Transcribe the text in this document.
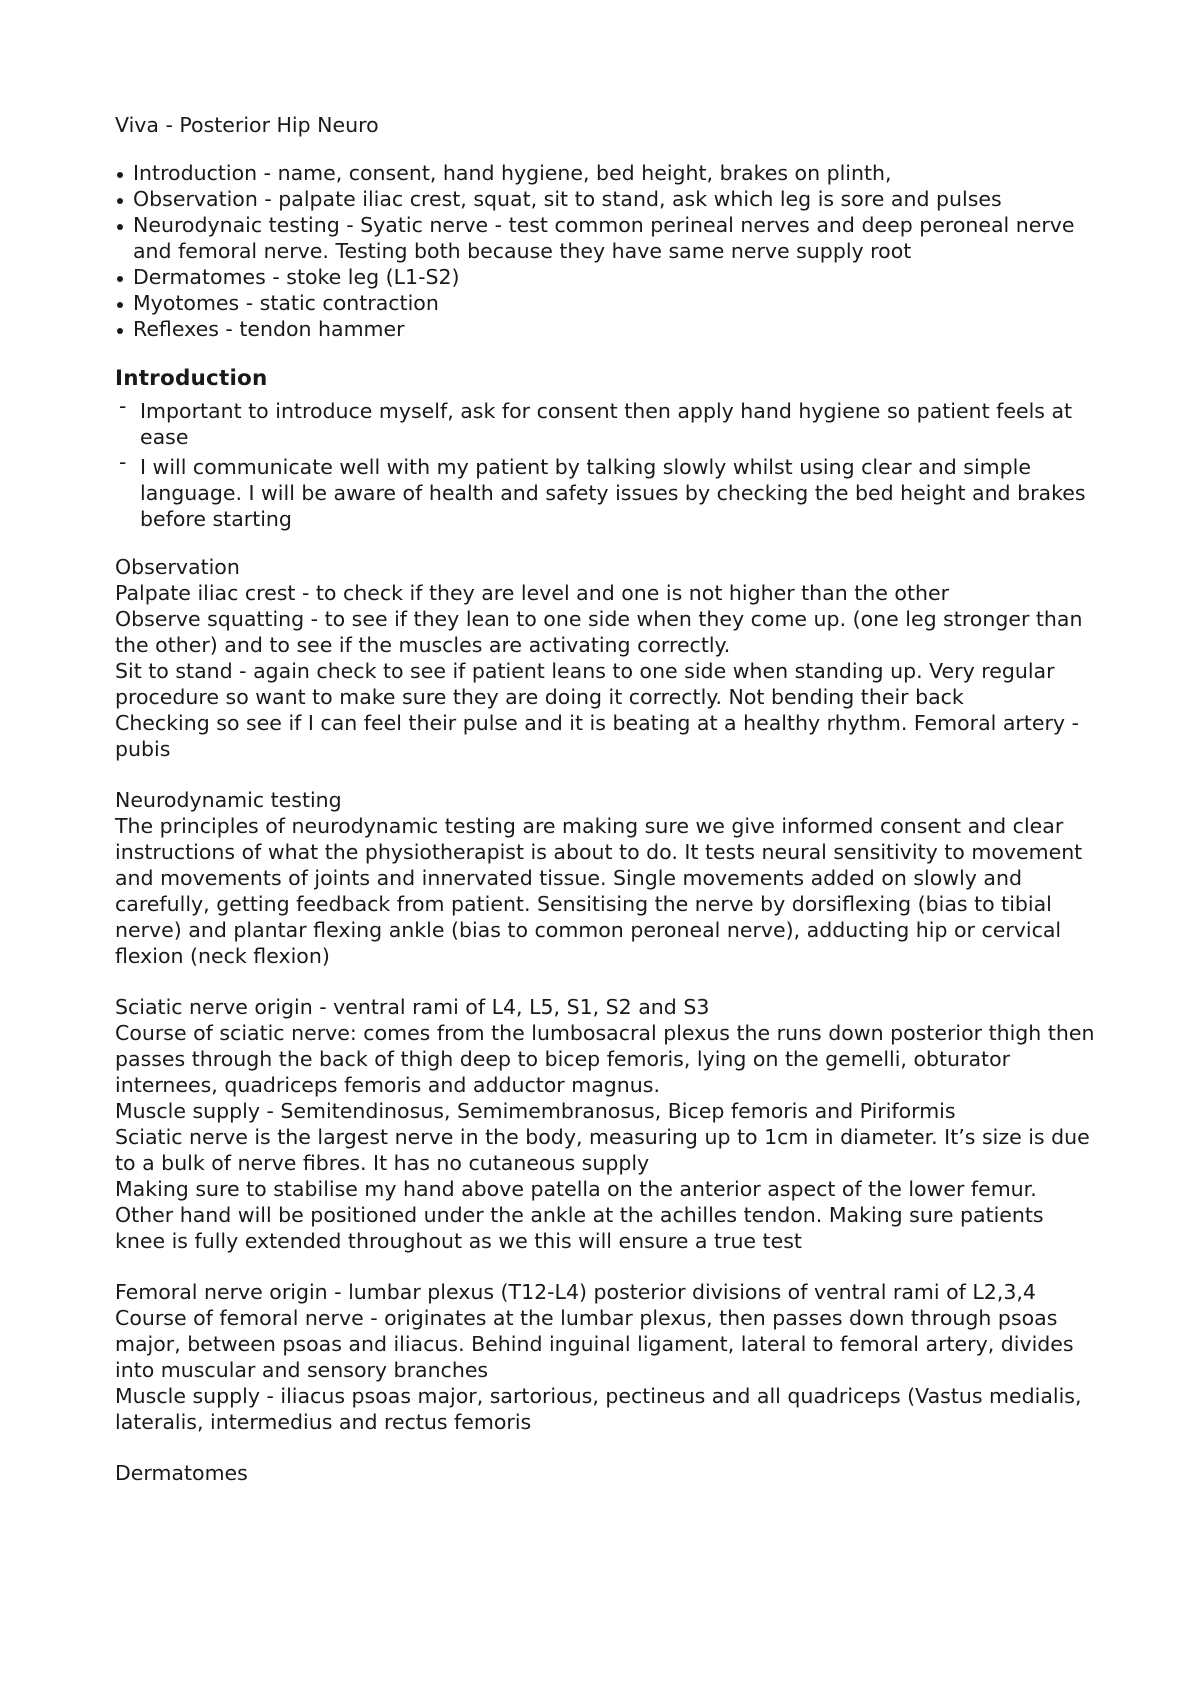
Viva - Posterior Hip Neuro
Introduction - name, consent, hand hygiene, bed height, brakes on plinth,
Observation - palpate iliac crest, squat, sit to stand, ask which leg is sore and pulses
Neurodynaic testing - Syatic nerve - test common perineal nerves and deep peroneal nerve and femoral nerve. Testing both because they have same nerve supply root
Dermatomes - stoke leg (L1-S2)
Myotomes - static contraction
Reflexes - tendon hammer
Introduction
- Important to introduce myself, ask for consent then apply hand hygiene so patient feels at ease
- I will communicate well with my patient by talking slowly whilst using clear and simple language. I will be aware of health and safety issues by checking the bed height and brakes before starting

Observation

Palpate iliac crest - to check if they are level and one is not higher than the other

Observe squatting - to see if they lean to one side when they come up. (one leg stronger than the other) and to see if the muscles are activating correctly.

Sit to stand - again check to see if patient leans to one side when standing up. Very regular procedure so want to make sure they are doing it correctly. Not bending their back

Checking so see if I can feel their pulse and it is beating at a healthy rhythm. Femoral artery - pubis

Neurodynamic testing

The principles of neurodynamic testing are making sure we give informed consent and clear instructions of what the physiotherapist is about to do. It tests neural sensitivity to movement and movements of joints and innervated tissue. Single movements added on slowly and carefully, getting feedback from patient. Sensitising the nerve by dorsiflexing (bias to tibial nerve) and plantar flexing ankle (bias to common peroneal nerve), adducting hip or cervical flexion (neck flexion)

Sciatic nerve origin - ventral rami of L4, L5, S1, S2 and S3

Course of sciatic nerve: comes from the lumbosacral plexus the runs down posterior thigh then passes through the back of thigh deep to bicep femoris, lying on the gemelli, obturator internees, quadriceps femoris and adductor magnus.

Muscle supply - Semitendinosus, Semimembranosus, Bicep femoris and Piriformis

Sciatic nerve is the largest nerve in the body, measuring up to 1cm in diameter. It’s size is due to a bulk of nerve fibres. It has no cutaneous supply

Making sure to stabilise my hand above patella on the anterior aspect of the lower femur. Other hand will be positioned under the ankle at the achilles tendon. Making sure patients knee is fully extended throughout as we this will ensure a true test

Femoral nerve origin - lumbar plexus (T12-L4) posterior divisions of ventral rami of L2,3,4

Course of femoral nerve - originates at the lumbar plexus, then passes down through psoas major, between psoas and iliacus. Behind inguinal ligament, lateral to femoral artery, divides into muscular and sensory branches

Muscle supply - iliacus psoas major, sartorious, pectineus and all quadriceps (Vastus medialis, lateralis, intermedius and rectus femoris

Dermatomes
